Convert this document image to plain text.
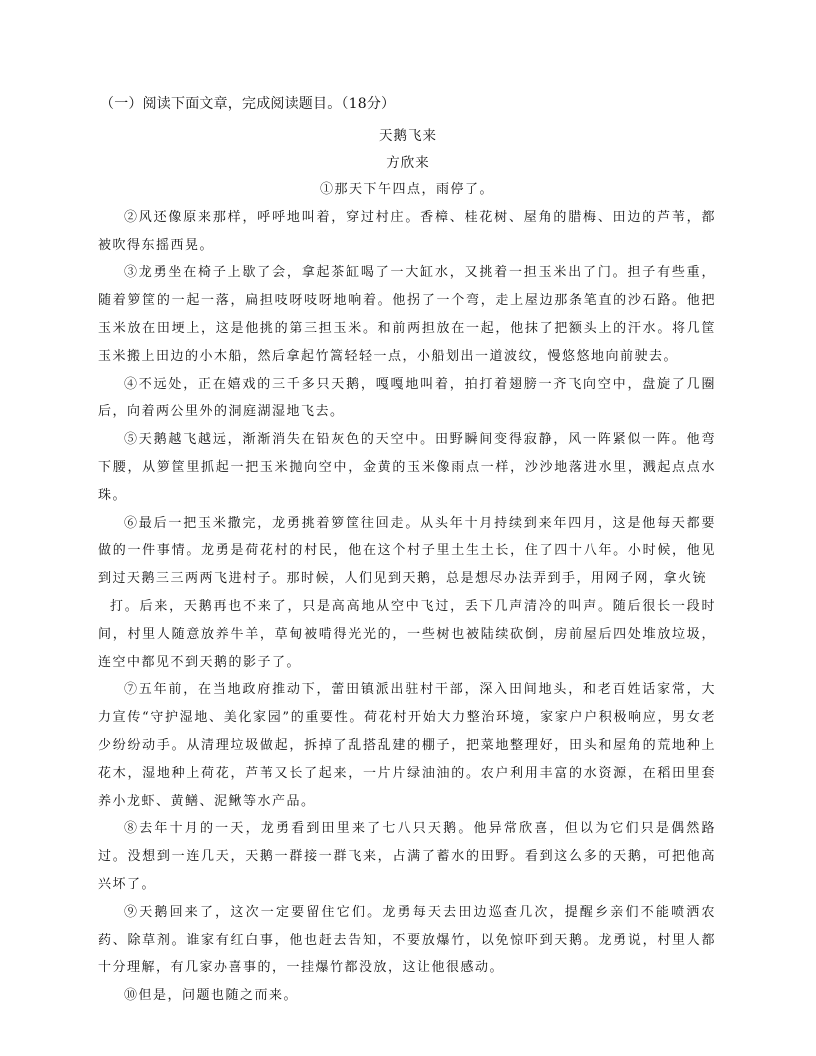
（一）阅读下面文章，完成阅读题目。（18分）
天鹅飞来
方欣来

①那天下午四点，雨停了。

②风还像原来那样，呼呼地叫着，穿过村庄。香樟、桂花树、屋角的腊梅、田边的芦苇，都被吹得东摇西晃。

③龙勇坐在椅子上歇了会，拿起茶缸喝了一大缸水，又挑着一担玉米出了门。担子有些重，随着箩筐的一起一落，扁担吱呀吱呀地响着。他拐了一个弯，走上屋边那条笔直的沙石路。他把玉米放在田埂上，这是他挑的第三担玉米。和前两担放在一起，他抹了把额头上的汗水。将几筐玉米搬上田边的小木船，然后拿起竹篙轻轻一点，小船划出一道波纹，慢悠悠地向前驶去。

④不远处，正在嬉戏的三千多只天鹅，嘎嘎地叫着，拍打着翅膀一齐飞向空中，盘旋了几圈后，向着两公里外的洞庭湖湿地飞去。

⑤天鹅越飞越远，渐渐消失在铅灰色的天空中。田野瞬间变得寂静，风一阵紧似一阵。他弯下腰，从箩筐里抓起一把玉米抛向空中，金黄的玉米像雨点一样，沙沙地落进水里，溅起点点水珠。

⑥最后一把玉米撒完，龙勇挑着箩筐往回走。从头年十月持续到来年四月，这是他每天都要做的一件事情。龙勇是荷花村的村民，他在这个村子里土生土长，住了四十八年。小时候，他见到过天鹅三三两两飞进村子。那时候，人们见到天鹅，总是想尽办法弄到手，用网子网，拿火铳

打。后来，天鹅再也不来了，只是高高地从空中飞过，丢下几声清冷的叫声。随后很长一段时间，村里人随意放养牛羊，草甸被啃得光光的，一些树也被陆续砍倒，房前屋后四处堆放垃圾，连空中都见不到天鹅的影子了。

⑦五年前，在当地政府推动下，蕾田镇派出驻村干部，深入田间地头，和老百姓话家常，大力宣传“守护湿地、美化家园”的重要性。荷花村开始大力整治环境，家家户户积极响应，男女老少纷纷动手。从清理垃圾做起，拆掉了乱搭乱建的棚子，把菜地整理好，田头和屋角的荒地种上花木，湿地种上荷花，芦苇又长了起来，一片片绿油油的。农户利用丰富的水资源，在稻田里套养小龙虾、黄鳝、泥鳅等水产品。

⑧去年十月的一天，龙勇看到田里来了七八只天鹅。他异常欣喜，但以为它们只是偶然路过。没想到一连几天，天鹅一群接一群飞来，占满了蓄水的田野。看到这么多的天鹅，可把他高兴坏了。

⑨天鹅回来了，这次一定要留住它们。龙勇每天去田边巡查几次，提醒乡亲们不能喷洒农药、除草剂。谁家有红白事，他也赶去告知，不要放爆竹，以免惊吓到天鹅。龙勇说，村里人都十分理解，有几家办喜事的，一挂爆竹都没放，这让他很感动。

⑩但是，问题也随之而来。
